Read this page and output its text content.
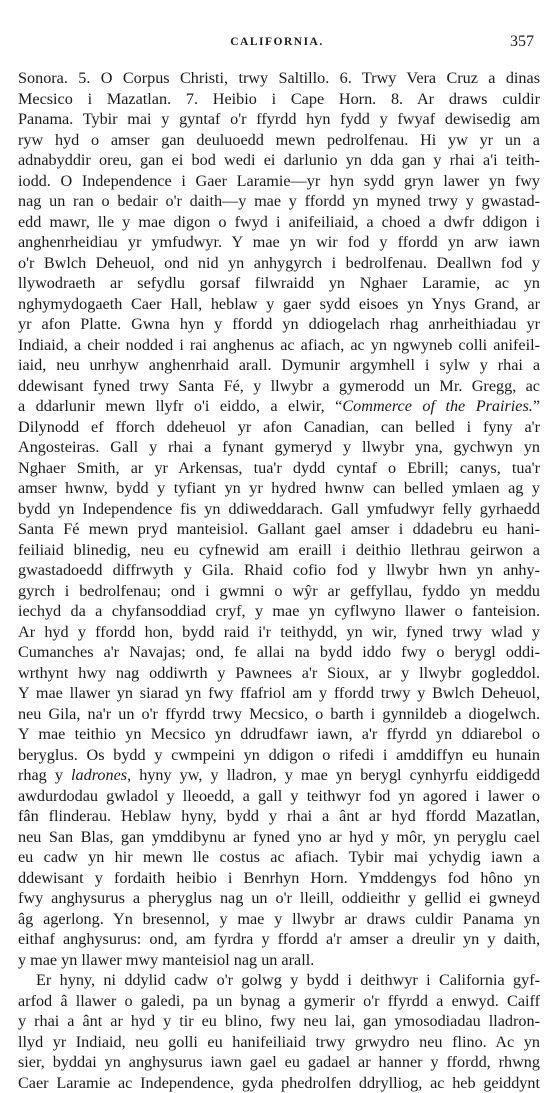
CALIFORNIA.	357
Sonora. 5. O Corpus Christi, trwy Saltillo. 6. Trwy Vera Cruz a dinas
Mecsico i Mazatlan. 7. Heibio i Cape Horn. 8. Ar draws culdir
Panama. Tybir mai y gyntaf o'r ffyrdd hyn fydd y fwyaf dewisedig am
ryw hyd o amser gan deuluoedd mewn pedrolfenau. Hi yw yr un a
adnabyddir oreu, gan ei bod wedi ei darlunio yn dda gan y rhai a'i teith-
iodd. O Independence i Gaer Laramie—yr hyn sydd gryn lawer yn fwy
nag un ran o bedair o'r daith—y mae y ffordd yn myned trwy y gwastad-
edd mawr, lle y mae digon o fwyd i anifeiliaid, a choed a dwfr ddigon i
anghenrheidiau yr ymfudwyr. Y mae yn wir fod y ffordd yn arw iawn
o'r Bwlch Deheuol, ond nid yn anhygyrch i bedrolfenau. Deallwn fod y
llywodraeth ar sefydlu gorsaf filwraidd yn Nghaer Laramie, ac yn
nghymydogaeth Caer Hall, heblaw y gaer sydd eisoes yn Ynys Grand, ar
yr afon Platte. Gwna hyn y ffordd yn ddiogelach rhag anrheithiadau yr
Indiaid, a cheir nodded i rai anghenus ac afiach, ac yn ngwyneb colli anifeil-
iaid, neu unrhyw anghenrhaid arall. Dymunir argymhell i sylw y rhai a
ddewisant fyned trwy Santa Fé, y llwybr a gymerodd un Mr. Gregg, ac
a ddarlunir mewn llyfr o'i eiddo, a elwir, “Commerce of the Prairies.”
Dilynodd ef fforch ddeheuol yr afon Canadian, can belled i fyny a'r
Angosteiras. Gall y rhai a fynant gymeryd y llwybr yna, gychwyn yn
Nghaer Smith, ar yr Arkensas, tua'r dydd cyntaf o Ebrill; canys, tua'r
amser hwnw, bydd y tyfiant yn yr hydred hwnw can belled ymlaen ag y
bydd yn Independence fis yn ddiweddarach. Gall ymfudwyr felly gyrhaedd
Santa Fé mewn pryd manteisiol. Gallant gael amser i ddadebru eu hani-
feiliaid blinedig, neu eu cyfnewid am eraill i deithio llethrau geirwon a
gwastadoedd diffrwyth y Gila. Rhaid cofio fod y llwybr hwn yn anhy-
gyrch i bedrolfenau; ond i gwmni o wŷr ar geffyllau, fyddo yn meddu
iechyd da a chyfansoddiad cryf, y mae yn cyflwyno llawer o fanteision.
Ar hyd y ffordd hon, bydd raid i'r teithydd, yn wir, fyned trwy wlad y
Cumanches a'r Navajas; ond, fe allai na bydd iddo fwy o berygl oddi-
wrthynt hwy nag oddiwrth y Pawnees a'r Sioux, ar y llwybr gogleddol.
Y mae llawer yn siarad yn fwy ffafriol am y ffordd trwy y Bwlch Deheuol,
neu Gila, na'r un o'r ffyrdd trwy Mecsico, o barth i gynnildeb a diogelwch.
Y mae teithio yn Mecsico yn ddrudfawr iawn, a'r ffyrdd yn ddiarebol o
beryglus. Os bydd y cwmpeini yn ddigon o rifedi i amddiffyn eu hunain
rhag y ladrones, hyny yw, y lladron, y mae yn berygl cynhyrfu eiddigedd
awdurdodau gwladol y lleoedd, a gall y teithwyr fod yn agored i lawer o
fân flinderau. Heblaw hyny, bydd y rhai a ânt ar hyd ffordd Mazatlan,
neu San Blas, gan ymddibynu ar fyned yno ar hyd y môr, yn peryglu cael
eu cadw yn hir mewn lle costus ac afiach. Tybir mai ychydig iawn a
ddewisant y fordaith heibio i Benrhyn Horn. Ymddengys fod hôno yn
fwy anghysurus a pheryglus nag un o'r lleill, oddieithr y gellid ei gwneyd
âg agerlong. Yn bresennol, y mae y llwybr ar draws culdir Panama yn
eithaf anghysurus: ond, am fyrdra y ffordd a'r amser a dreulir yn y daith,
y mae yn llawer mwy manteisiol nag un arall.
Er hyny, ni ddylid cadw o'r golwg y bydd i deithwyr i California gyf-
arfod â llawer o galedi, pa un bynag a gymerir o'r ffyrdd a enwyd. Caiff
y rhai a ânt ar hyd y tir eu blino, fwy neu lai, gan ymosodiadau lladron-
llyd yr Indiaid, neu golli eu hanifeiliaid trwy grwydro neu flino. Ac yn
sier, byddai yn anghysurus iawn gael eu gadael ar hanner y ffordd, rhwng
Caer Laramie ac Independence, gyda phedrolfen ddrylliog, ac heb geiddynt
